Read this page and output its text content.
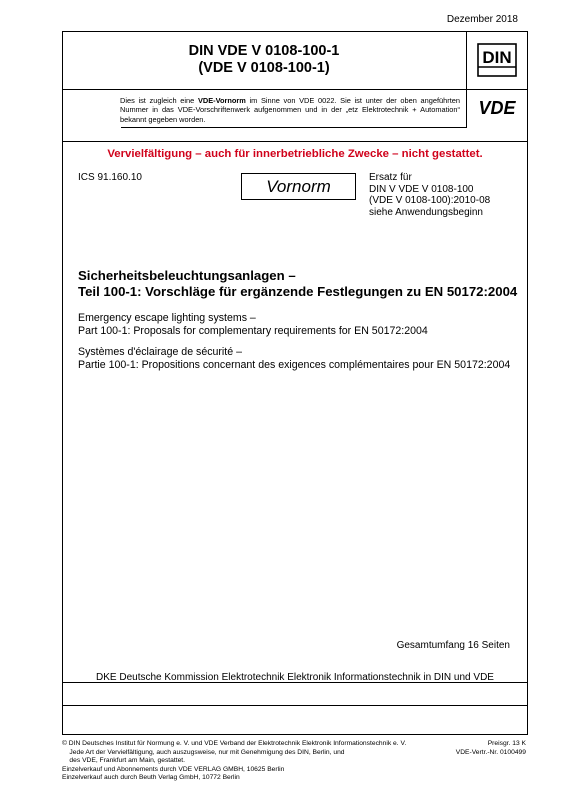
Dezember 2018
DIN VDE V 0108-100-1
(VDE V 0108-100-1)
DIN
Dies ist zugleich eine VDE-Vornorm im Sinne von VDE 0022. Sie ist unter der oben angeführten Nummer in das VDE-Vorschriftenwerk aufgenommen und in der „etz Elektrotechnik + Automation“ bekannt gegeben worden.
VDE
Vervielfältigung – auch für innerbetriebliche Zwecke – nicht gestattet.
ICS 91.160.10	Vornorm	Ersatz für
DIN V VDE V 0108-100
(VDE V 0108-100):2010-08
siehe Anwendungsbeginn
Sicherheitsbeleuchtungsanlagen –
Teil 100-1: Vorschläge für ergänzende Festlegungen zu EN 50172:2004
Emergency escape lighting systems –
Part 100-1: Proposals for complementary requirements for EN 50172:2004
Systèmes d'éclairage de sécurité –
Partie 100-1: Propositions concernant des exigences complémentaires pour EN 50172:2004
Gesamtumfang 16 Seiten
DKE Deutsche Kommission Elektrotechnik Elektronik Informationstechnik in DIN und VDE
© DIN Deutsches Institut für Normung e. V. und VDE Verband der Elektrotechnik Elektronik Informationstechnik e. V.
Jede Art der Vervielfältigung, auch auszugsweise, nur mit Genehmigung des DIN, Berlin, und
des VDE, Frankfurt am Main, gestattet.
Einzelverkauf und Abonnements durch VDE VERLAG GMBH, 10625 Berlin
Einzelverkauf auch durch Beuth Verlag GmbH, 10772 Berlin
Preisgr. 13 K
VDE-Vertr.-Nr. 0100499
